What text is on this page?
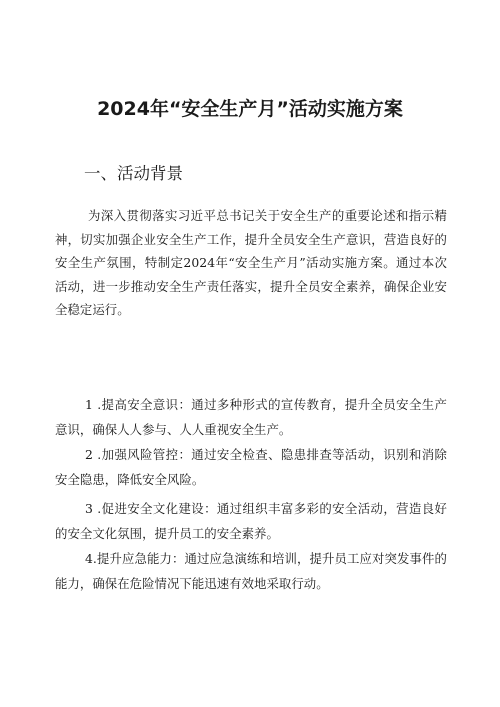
2024年“安全生产月”活动实施方案
一、活动背景
为深入贯彻落实习近平总书记关于安全生产的重要论述和指示精神，切实加强企业安全生产工作，提升全员安全生产意识，营造良好的安全生产氛围，特制定2024年“安全生产月”活动实施方案。通过本次活动，进一步推动安全生产责任落实，提升全员安全素养，确保企业安全稳定运行。
1 .提高安全意识：通过多种形式的宣传教育，提升全员安全生产意识，确保人人参与、人人重视安全生产。
2 .加强风险管控：通过安全检查、隐患排查等活动，识别和消除安全隐患，降低安全风险。
3 .促进安全文化建设：通过组织丰富多彩的安全活动，营造良好的安全文化氛围，提升员工的安全素养。
4.提升应急能力：通过应急演练和培训，提升员工应对突发事件的能力，确保在危险情况下能迅速有效地采取行动。
